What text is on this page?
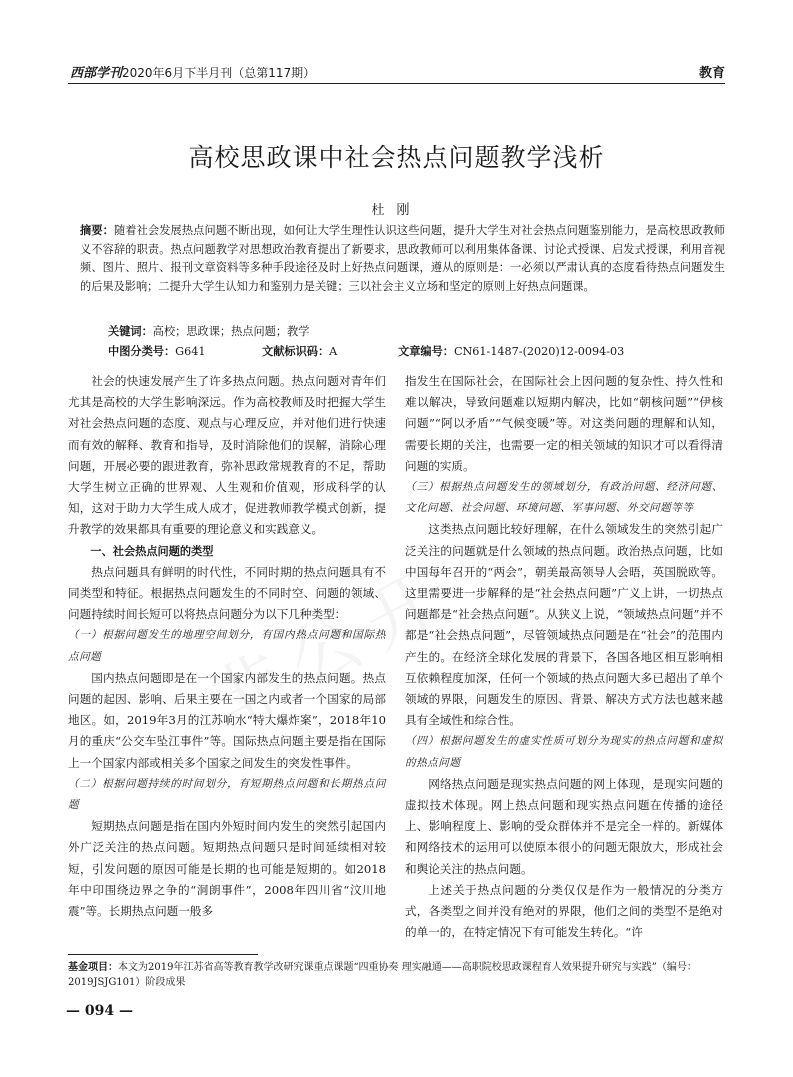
西部学刊2020年6月下半月刊（总第117期）	教育
高校思政课中社会热点问题教学浅析
杜刚
摘要：随着社会发展热点问题不断出现，如何让大学生理性认识这些问题，提升大学生对社会热点问题鉴别能力，是高校思政教师义不容辞的职责。热点问题教学对思想政治教育提出了新要求，思政教师可以利用集体备课、讨论式授课、启发式授课，利用音视频、图片、照片、报刊文章资料等多种手段途径及时上好热点问题课，遵从的原则是：一必须以严肃认真的态度看待热点问题发生的后果及影响；二提升大学生认知力和鉴别力是关键；三以社会主义立场和坚定的原则上好热点问题课。
关键词：高校；思政课；热点问题；教学
中图分类号：G641	文献标识码：A	文章编号：CN61-1487-(2020)12-0094-03

社会的快速发展产生了许多热点问题。热点问题对青年们尤其是高校的大学生影响深远。作为高校教师及时把握大学生对社会热点问题的态度、观点与心理反应，并对他们进行快速而有效的解释、教育和指导，及时消除他们的误解，消除心理问题，开展必要的跟进教育，弥补思政常规教育的不足，帮助大学生树立正确的世界观、人生观和价值观，形成科学的认知，这对于助力大学生成人成才，促进教师教学模式创新，提升教学的效果都具有重要的理论意义和实践意义。

一、社会热点问题的类型

热点问题具有鲜明的时代性，不同时期的热点问题具有不同类型和特征。根据热点问题发生的不同时空、问题的领域、问题持续时间长短可以将热点问题分为以下几种类型：

（一）根据问题发生的地理空间划分，有国内热点问题和国际热点问题

国内热点问题即是在一个国家内部发生的热点问题。热点问题的起因、影响、后果主要在一国之内或者一个国家的局部地区。如，2019年3月的江苏响水“特大爆炸案”，2018年10月的重庆“公交车坠江事件”等。国际热点问题主要是指在国际上一个国家内部或相关多个国家之间发生的突发性事件。

（二）根据问题持续的时间划分，有短期热点问题和长期热点问题

短期热点问题是指在国内外短时间内发生的突然引起国内外广泛关注的热点问题。短期热点问题只是时间延续相对较短，引发问题的原因可能是长期的也可能是短期的。如2018年中印围绕边界之争的“洞朗事件”，2008年四川省“汶川地震”等。长期热点问题一般多

指发生在国际社会，在国际社会上因问题的复杂性、持久性和难以解决，导致问题难以短期内解决，比如“朝核问题”“伊核问题”“阿以矛盾”“气候变暖”等。对这类问题的理解和认知，需要长期的关注，也需要一定的相关领域的知识才可以看得清问题的实质。

（三）根据热点问题发生的领域划分，有政治问题、经济问题、文化问题、社会问题、环境问题、军事问题、外交问题等等

这类热点问题比较好理解，在什么领域发生的突然引起广泛关注的问题就是什么领域的热点问题。政治热点问题，比如中国每年召开的“两会”，朝美最高领导人会晤，英国脱欧等。这里需要进一步解释的是“社会热点问题”广义上讲，一切热点问题都是“社会热点问题”。从狭义上说，“领域热点问题”并不都是“社会热点问题”，尽管领域热点问题是在“社会”的范围内产生的。在经济全球化发展的背景下，各国各地区相互影响相互依赖程度加深，任何一个领域的热点问题大多已超出了单个领域的界限，问题发生的原因、背景、解决方式方法也越来越具有全域性和综合性。

（四）根据问题发生的虚实性质可划分为现实的热点问题和虚拟的热点问题

网络热点问题是现实热点问题的网上体现，是现实问题的虚拟技术体现。网上热点问题和现实热点问题在传播的途径上、影响程度上、影响的受众群体并不是完全一样的。新媒体和网络技术的运用可以使原本很小的问题无限放大，形成社会和舆论关注的热点问题。

上述关于热点问题的分类仅仅是作为一般情况的分类方式，各类型之间并没有绝对的界限，他们之间的类型不是绝对的单一的，在特定情况下有可能发生转化。“许

基金项目：本文为2019年江苏省高等教育教学改研究课重点课题“四重协奏 理实融通——高职院校思政课程育人效果提升研究与实践”（编号：2019JSJG101）阶段成果
— 094 —
